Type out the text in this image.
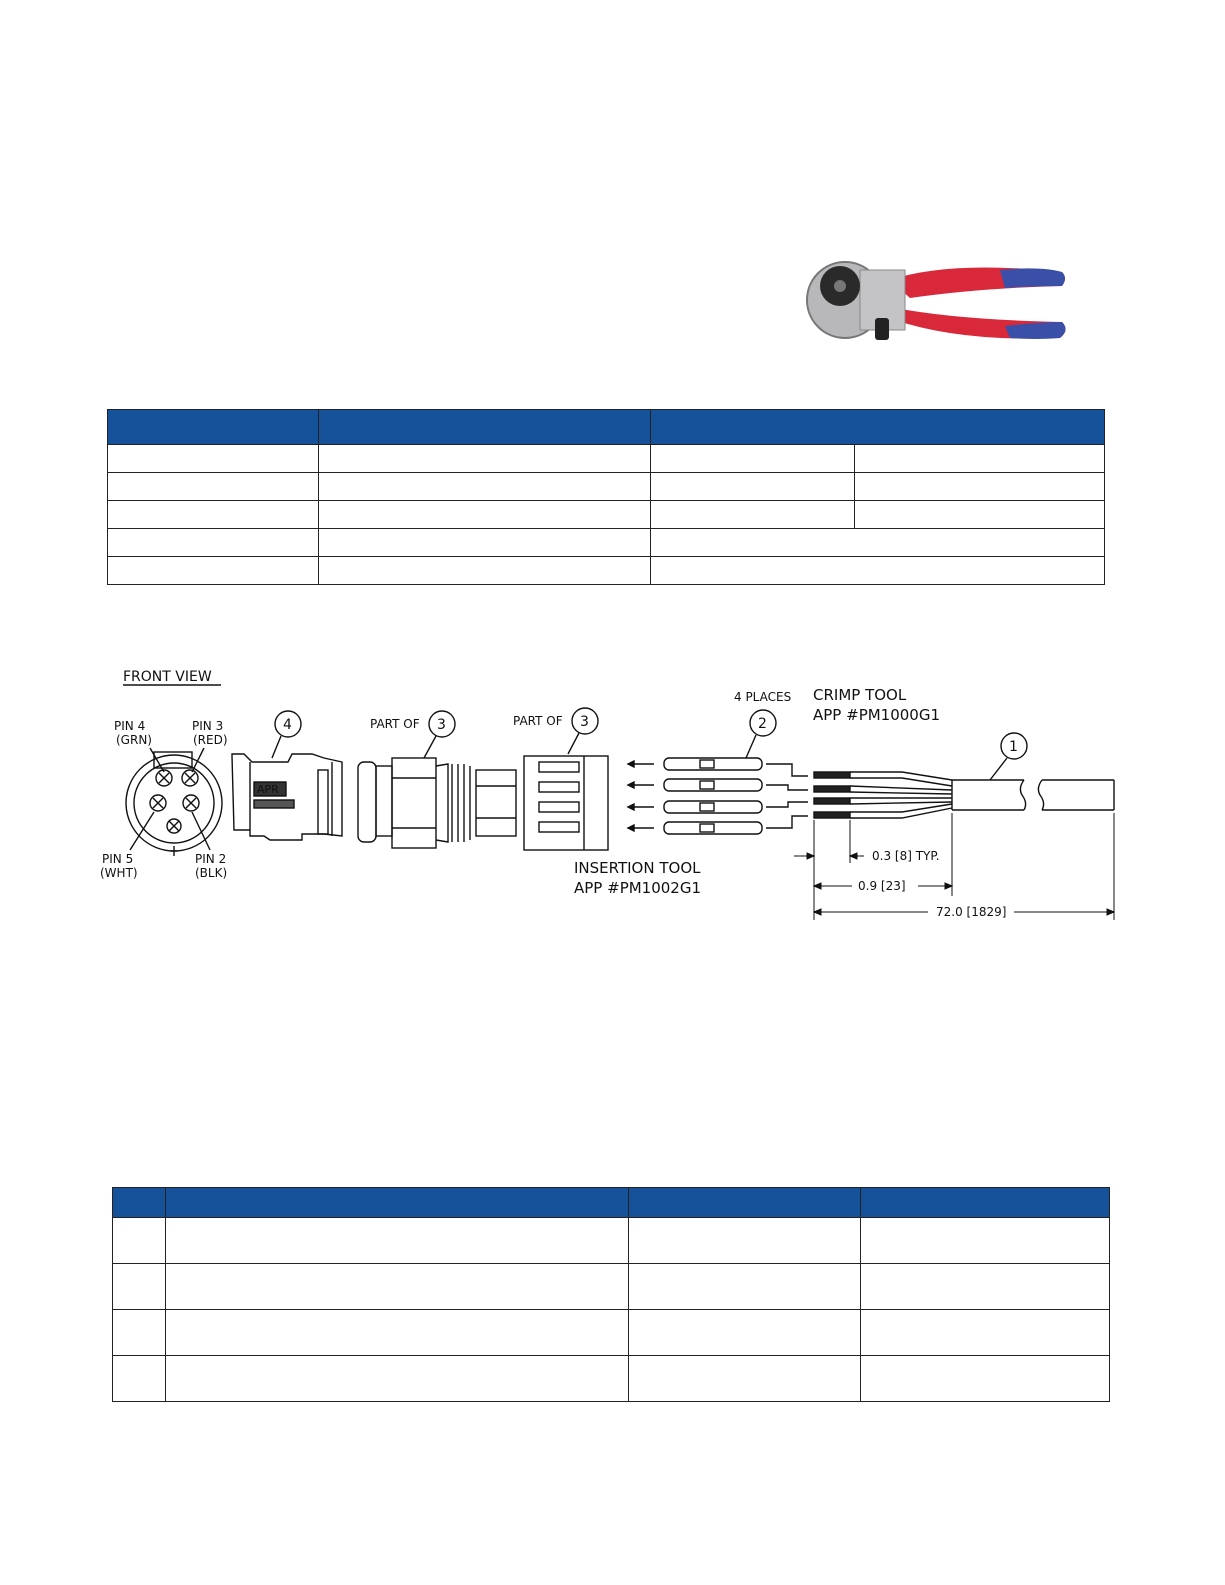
FRONT VIEW
PIN 4
(GRN)
PIN 3
(RED)
PIN 5
(WHT)
PIN 2
(BLK)
4
APR
PART OF 3	PART OF 3
4 PLACES
2
CRIMP TOOL
APP #PM1000G1
1
INSERTION TOOL
APP #PM1002G1
0.3 [8] TYP.
0.9 [23]
72.0 [1829]
